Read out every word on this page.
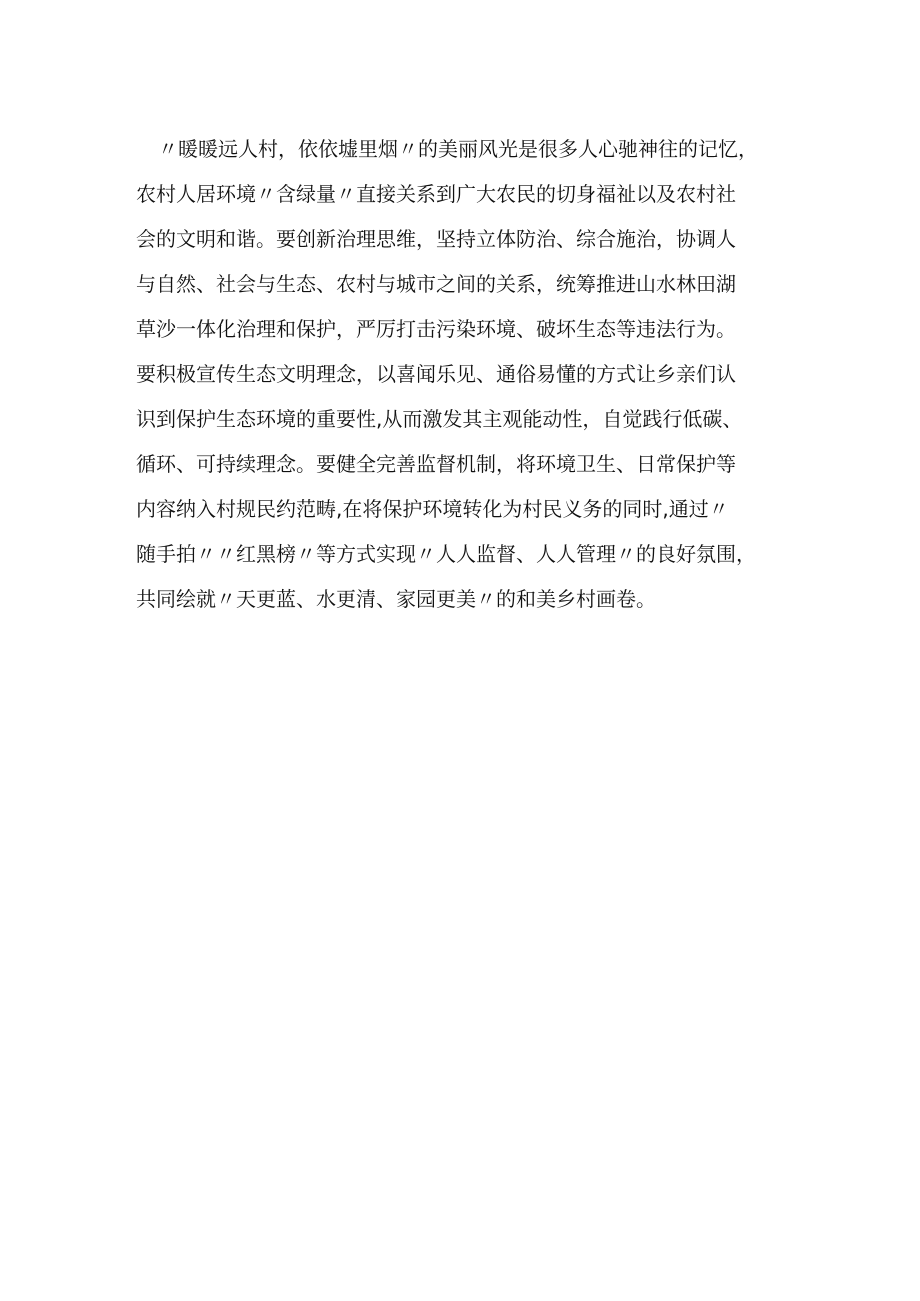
〃暖暖远人村，依依墟里烟〃的美丽风光是很多人心驰神往的记忆，
农村人居环境〃含绿量〃直接关系到广大农民的切身福祉以及农村社
会的文明和谐。要创新治理思维，坚持立体防治、综合施治，协调人
与自然、社会与生态、农村与城市之间的关系，统筹推进山水林田湖
草沙一体化治理和保护，严厉打击污染环境、破坏生态等违法行为。
要积极宣传生态文明理念，以喜闻乐见、通俗易懂的方式让乡亲们认
识到保护生态环境的重要性,从而激发其主观能动性，自觉践行低碳、
循环、可持续理念。要健全完善监督机制，将环境卫生、日常保护等
内容纳入村规民约范畴,在将保护环境转化为村民义务的同时,通过〃
随手拍〃〃红黑榜〃等方式实现〃人人监督、人人管理〃的良好氛围，
共同绘就〃天更蓝、水更清、家园更美〃的和美乡村画卷。
